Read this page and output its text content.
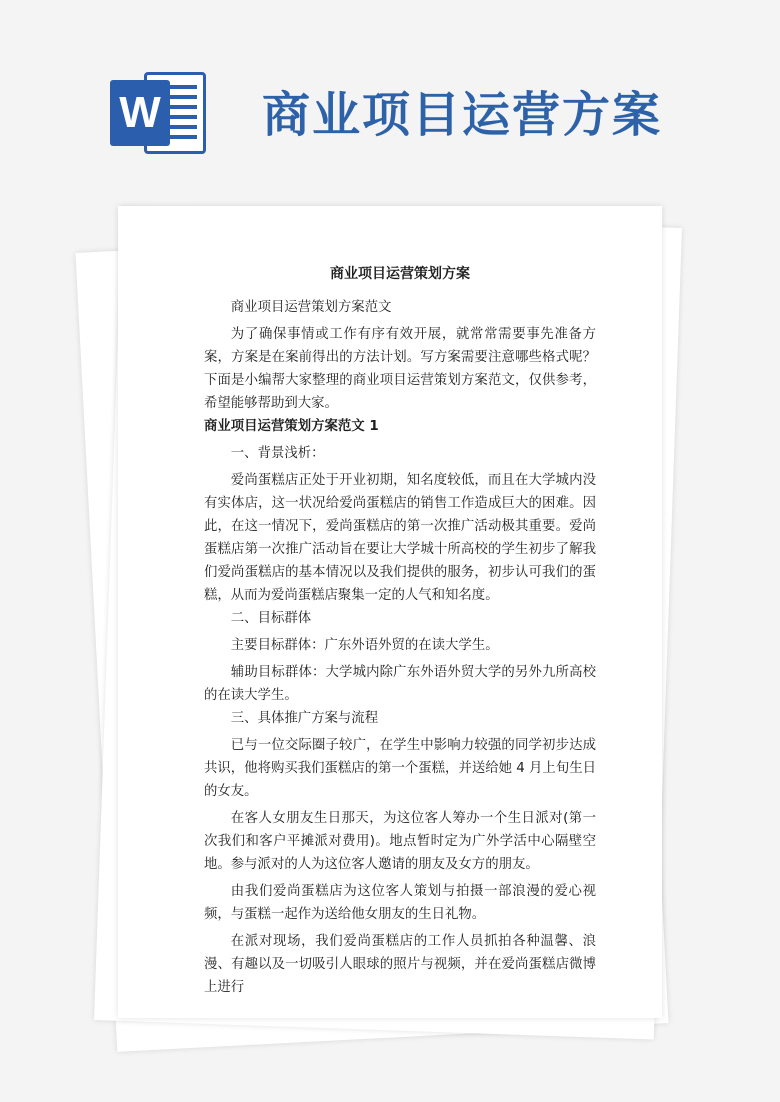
W 商业项目运营方案
商业项目运营策划方案

商业项目运营策划方案范文

为了确保事情或工作有序有效开展，就常常需要事先准备方案，方案是在案前得出的方法计划。写方案需要注意哪些格式呢？下面是小编帮大家整理的商业项目运营策划方案范文，仅供参考，希望能够帮助到大家。

商业项目运营策划方案范文 1

一、背景浅析：

爱尚蛋糕店正处于开业初期，知名度较低，而且在大学城内没有实体店，这一状况给爱尚蛋糕店的销售工作造成巨大的困难。因此，在这一情况下，爱尚蛋糕店的第一次推广活动极其重要。爱尚蛋糕店第一次推广活动旨在要让大学城十所高校的学生初步了解我们爱尚蛋糕店的基本情况以及我们提供的服务，初步认可我们的蛋糕，从而为爱尚蛋糕店聚集一定的人气和知名度。

二、目标群体

主要目标群体：广东外语外贸的在读大学生。

辅助目标群体：大学城内除广东外语外贸大学的另外九所高校的在读大学生。

三、具体推广方案与流程

已与一位交际圈子较广，在学生中影响力较强的同学初步达成共识，他将购买我们蛋糕店的第一个蛋糕，并送给她 4 月上旬生日的女友。

在客人女朋友生日那天，为这位客人筹办一个生日派对(第一次我们和客户平摊派对费用)。地点暂时定为广外学活中心隔壁空地。参与派对的人为这位客人邀请的朋友及女方的朋友。

由我们爱尚蛋糕店为这位客人策划与拍摄一部浪漫的爱心视频，与蛋糕一起作为送给他女朋友的生日礼物。

在派对现场，我们爱尚蛋糕店的工作人员抓拍各种温馨、浪漫、有趣以及一切吸引人眼球的照片与视频，并在爱尚蛋糕店微博上进行
